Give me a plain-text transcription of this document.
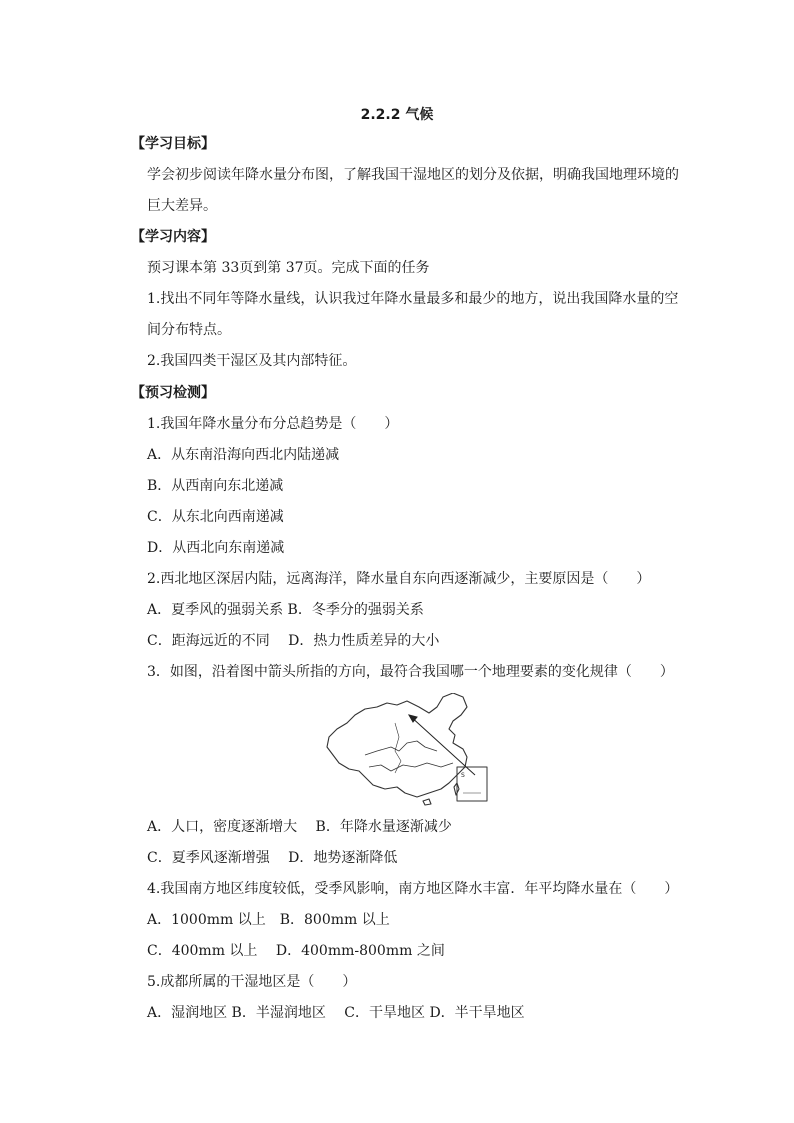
2.2.2 气候
【学习目标】
学会初步阅读年降水量分布图，了解我国干湿地区的划分及依据，明确我国地理环境的
巨大差异。
【学习内容】
预习课本第 33页到第 37页。完成下面的任务
1.找出不同年等降水量线，认识我过年降水量最多和最少的地方，说出我国降水量的空
间分布特点。
2.我国四类干湿区及其内部特征。
【预习检测】
1.我国年降水量分布分总趋势是（　　）
A．从东南沿海向西北内陆递减
B．从西南向东北递减
C．从东北向西南递减
D．从西北向东南递减
2.西北地区深居内陆，远离海洋，降水量自东向西逐渐减少，主要原因是（　　）
A．夏季风的强弱关系 B．冬季分的强弱关系
C．距海远近的不同　 D．热力性质差异的大小
3．如图，沿着图中箭头所指的方向，最符合我国哪一个地理要素的变化规律（　　）
S
A．人口，密度逐渐增大　 B．年降水量逐渐减少
C．夏季风逐渐增强　 D．地势逐渐降低
4.我国南方地区纬度较低，受季风影响，南方地区降水丰富．年平均降水量在（　　）
A．1000mm 以上　B．800mm 以上
C．400mm 以上　 D．400mm-800mm 之间
5.成都所属的干湿地区是（　　）
A．湿润地区 B．半湿润地区　 C．干旱地区 D．半干旱地区
